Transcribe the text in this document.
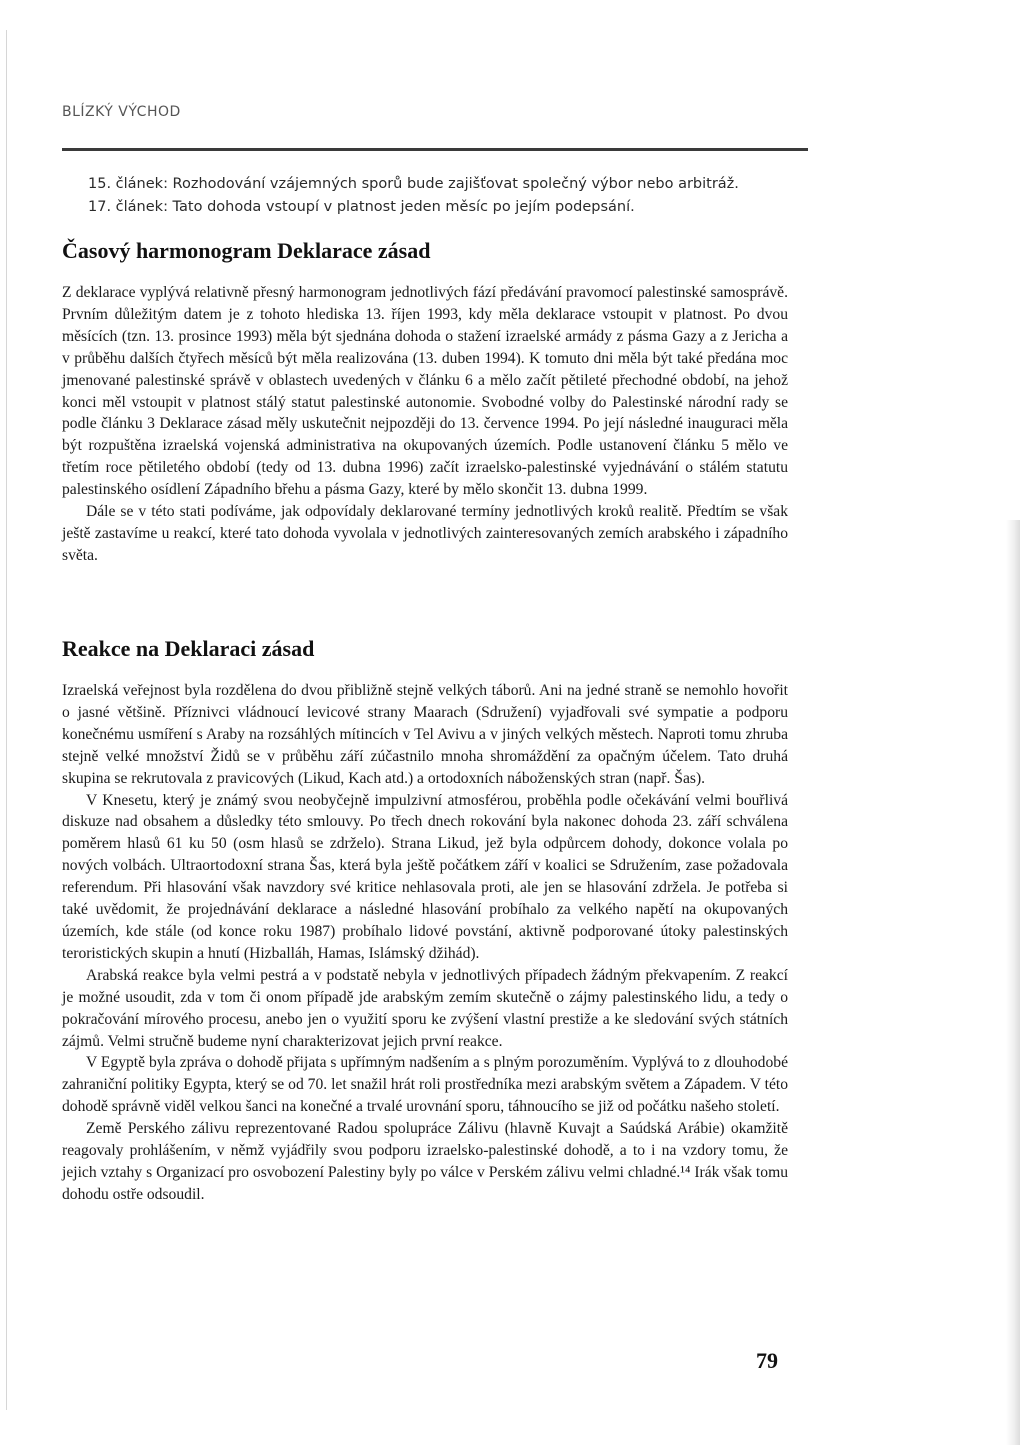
BLÍZKÝ VÝCHOD
15. článek: Rozhodování vzájemných sporů bude zajišťovat společný výbor nebo arbitráž.
17. článek: Tato dohoda vstoupí v platnost jeden měsíc po jejím podepsání.
Časový harmonogram Deklarace zásad

Z deklarace vyplývá relativně přesný harmonogram jednotlivých fází předávání pravomocí palestinské samosprávě. Prvním důležitým datem je z tohoto hlediska 13. říjen 1993, kdy měla deklarace vstoupit v platnost. Po dvou měsících (tzn. 13. prosince 1993) měla být sjednána dohoda o stažení izraelské armády z pásma Gazy a z Jericha a v průběhu dalších čtyřech měsíců být měla realizována (13. duben 1994). K tomuto dni měla být také předána moc jmenované palestinské správě v oblastech uvedených v článku 6 a mělo začít pětileté přechodné období, na jehož konci měl vstoupit v platnost stálý statut palestinské autonomie. Svobodné volby do Palestinské národní rady se podle článku 3 Deklarace zásad měly uskutečnit nejpozději do 13. července 1994. Po její následné inauguraci měla být rozpuštěna izraelská vojenská administrativa na okupovaných územích. Podle ustanovení článku 5 mělo ve třetím roce pětiletého období (tedy od 13. dubna 1996) začít izraelsko-palestinské vyjednávání o stálém statutu palestinského osídlení Západního břehu a pásma Gazy, které by mělo skončit 13. dubna 1999.

Dále se v této stati podíváme, jak odpovídaly deklarované termíny jednotlivých kroků realitě. Předtím se však ještě zastavíme u reakcí, které tato dohoda vyvolala v jednotlivých zainteresovaných zemích arabského i západního světa.

Reakce na Deklaraci zásad

Izraelská veřejnost byla rozdělena do dvou přibližně stejně velkých táborů. Ani na jedné straně se nemohlo hovořit o jasné většině. Příznivci vládnoucí levicové strany Maarach (Sdružení) vyjadřovali své sympatie a podporu konečnému usmíření s Araby na rozsáhlých mítincích v Tel Avivu a v jiných velkých městech. Naproti tomu zhruba stejně velké množství Židů se v průběhu září zúčastnilo mnoha shromáždění za opačným účelem. Tato druhá skupina se rekrutovala z pravicových (Likud, Kach atd.) a ortodoxních náboženských stran (např. Šas).

V Knesetu, který je známý svou neobyčejně impulzivní atmosférou, proběhla podle očekávání velmi bouřlivá diskuze nad obsahem a důsledky této smlouvy. Po třech dnech rokování byla nakonec dohoda 23. září schválena poměrem hlasů 61 ku 50 (osm hlasů se zdrželo). Strana Likud, jež byla odpůrcem dohody, dokonce volala po nových volbách. Ultraortodoxní strana Šas, která byla ještě počátkem září v koalici se Sdružením, zase požadovala referendum. Při hlasování však navzdory své kritice nehlasovala proti, ale jen se hlasování zdržela. Je potřeba si také uvědomit, že projednávání deklarace a následné hlasování probíhalo za velkého napětí na okupovaných územích, kde stále (od konce roku 1987) probíhalo lidové povstání, aktivně podporované útoky palestinských teroristických skupin a hnutí (Hizballáh, Hamas, Islámský džihád).

Arabská reakce byla velmi pestrá a v podstatě nebyla v jednotlivých případech žádným překvapením. Z reakcí je možné usoudit, zda v tom či onom případě jde arabským zemím skutečně o zájmy palestinského lidu, a tedy o pokračování mírového procesu, anebo jen o využití sporu ke zvýšení vlastní prestiže a ke sledování svých státních zájmů. Velmi stručně budeme nyní charakterizovat jejich první reakce.

V Egyptě byla zpráva o dohodě přijata s upřímným nadšením a s plným porozuměním. Vyplývá to z dlouhodobé zahraniční politiky Egypta, který se od 70. let snažil hrát roli prostředníka mezi arabským světem a Západem. V této dohodě správně viděl velkou šanci na konečné a trvalé urovnání sporu, táhnoucího se již od počátku našeho století.

Země Perského zálivu reprezentované Radou spolupráce Zálivu (hlavně Kuvajt a Saúdská Arábie) okamžitě reagovaly prohlášením, v němž vyjádřily svou podporu izraelsko-palestinské dohodě, a to i na vzdory tomu, že jejich vztahy s Organizací pro osvobození Palestiny byly po válce v Perském zálivu velmi chladné.¹⁴ Irák však tomu dohodu ostře odsoudil.

79
